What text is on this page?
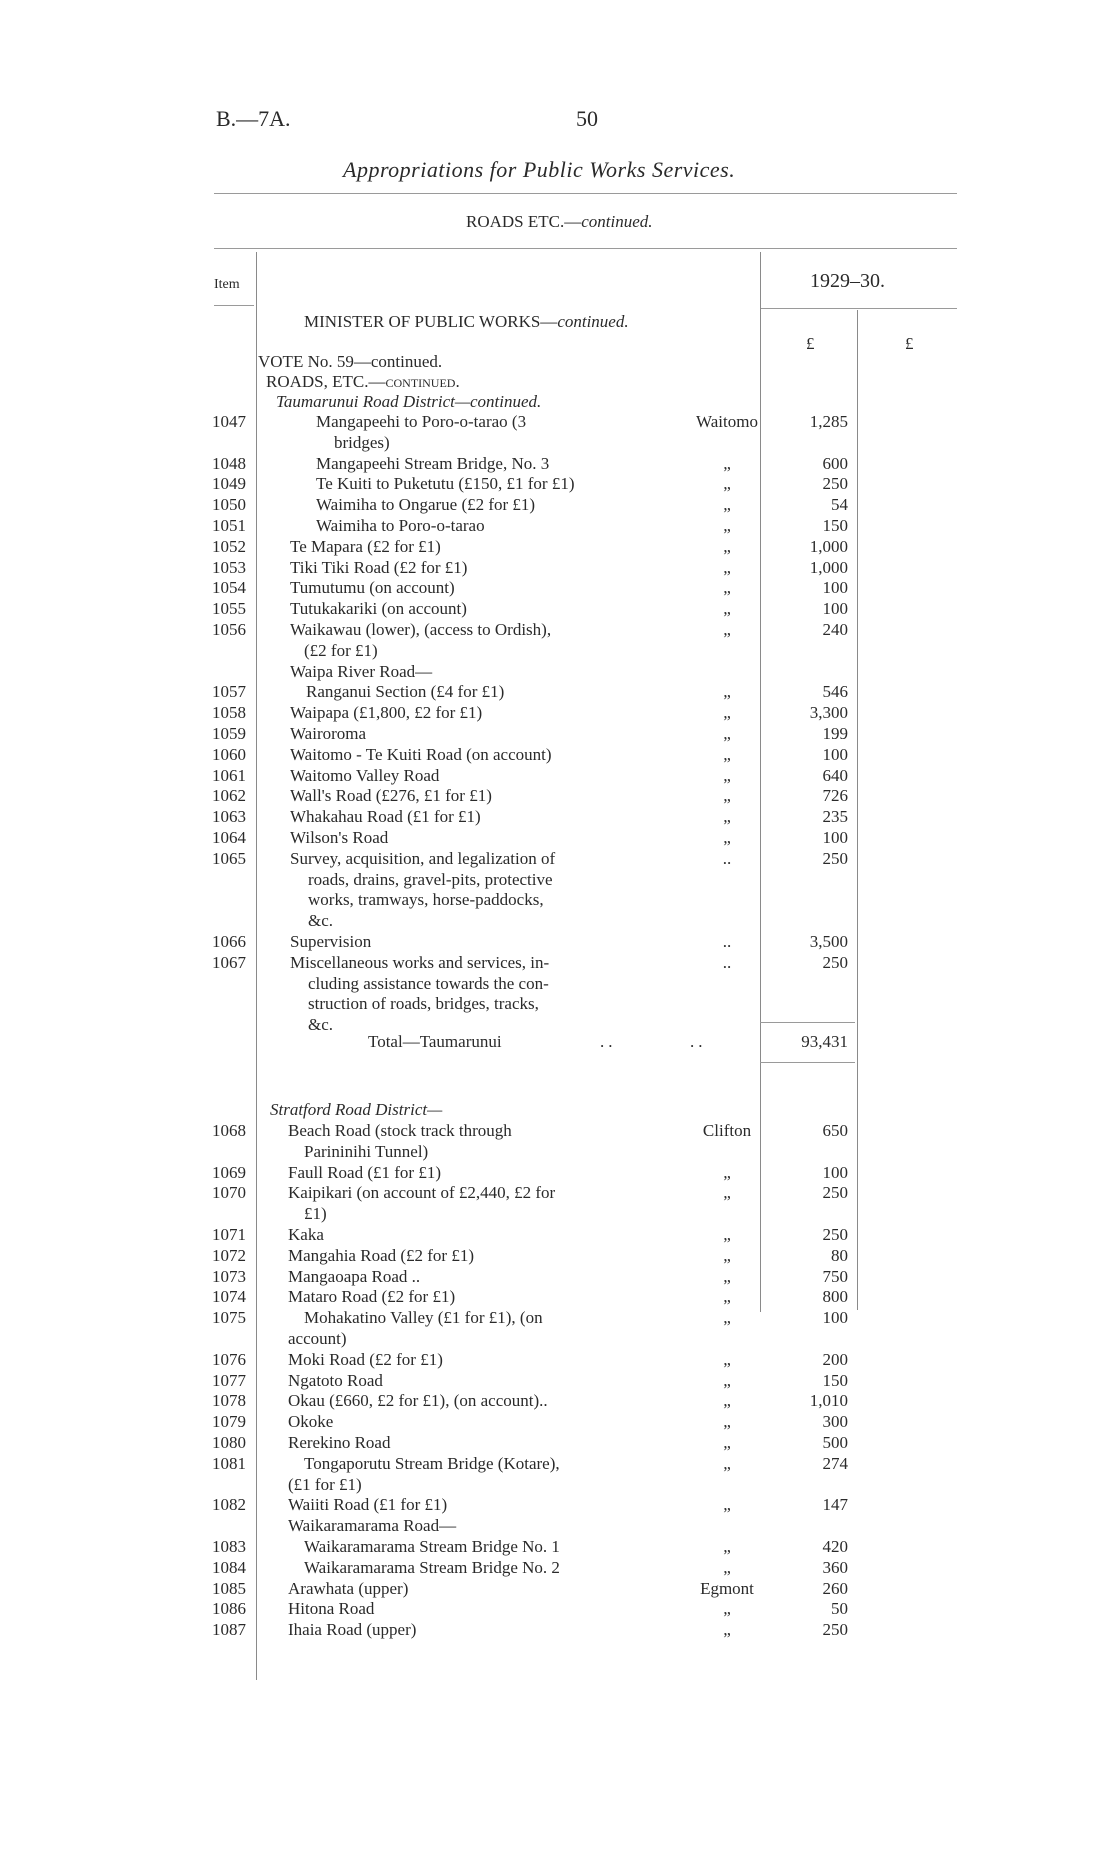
B.—7A.	50
Appropriations for Public Works Services.
ROADS ETC.—continued.
Item	1929–30.
£	£
MINISTER OF PUBLIC WORKS—continued.
VOTE No. 59—continued.
ROADS, ETC.—continued.
Taumarunui Road District—continued.
1047	Mangapeehi to Poro-o-tarao (3	Waitomo	1,285
bridges)
1048	Mangapeehi Stream Bridge, No. 3	„	600
1049	Te Kuiti to Puketutu (£150, £1 for £1)	„	250
1050	Waimiha to Ongarue (£2 for £1)	„	54
1051	Waimiha to Poro-o-tarao	„	150
1052	Te Mapara (£2 for £1)	„	1,000
1053	Tiki Tiki Road (£2 for £1)	„	1,000
1054	Tumutumu (on account)	„	100
1055	Tutukakariki (on account)	„	100
1056	Waikawau (lower), (access to Ordish),	„	240
(£2 for £1)
Waipa River Road—
1057	Ranganui Section (£4 for £1)	„	546
1058	Waipapa (£1,800, £2 for £1)	„	3,300
1059	Wairoroma	„	199
1060	Waitomo - Te Kuiti Road (on account)	„	100
1061	Waitomo Valley Road	„	640
1062	Wall's Road (£276, £1 for £1)	„	726
1063	Whakahau Road (£1 for £1)	„	235
1064	Wilson's Road	„	100
1065	Survey, acquisition, and legalization of	..	250
roads, drains, gravel-pits, protective
works, tramways, horse-paddocks,
&c.
1066	Supervision	..	3,500
1067	Miscellaneous works and services, in-	..	250
cluding assistance towards the con-
struction of roads, bridges, tracks,
&c.
Total—Taumarunui	..	..	93,431
Stratford Road District—
1068 Beach Road (stock track through	Clifton	650
Parininihi Tunnel)
1069 Faull Road (£1 for £1)	„	100
1070 Kaipikari (on account of £2,440, £2 for	„	250
£1)
1071 Kaka	„	250
1072 Mangahia Road (£2 for £1)	„	80
1073 Mangaoapa Road ..	„	750
1074 Mataro Road (£2 for £1)	„	800
1075	Mohakatino Valley (£1 for £1), (on	„	100
account)
1076 Moki Road (£2 for £1)	„	200
1077 Ngatoto Road	„	150
1078 Okau (£660, £2 for £1), (on account)..	„	1,010
1079 Okoke	„	300
1080 Rerekino Road	„	500
1081	Tongaporutu Stream Bridge (Kotare),	„	274
(£1 for £1)
1082 Waiiti Road (£1 for £1)	„	147
Waikaramarama Road—
1083	Waikaramarama Stream Bridge No. 1	„	420
1084	Waikaramarama Stream Bridge No. 2	„	360
1085 Arawhata (upper)	Egmont	260
1086 Hitona Road	„	50
1087 Ihaia Road (upper)	„	250
